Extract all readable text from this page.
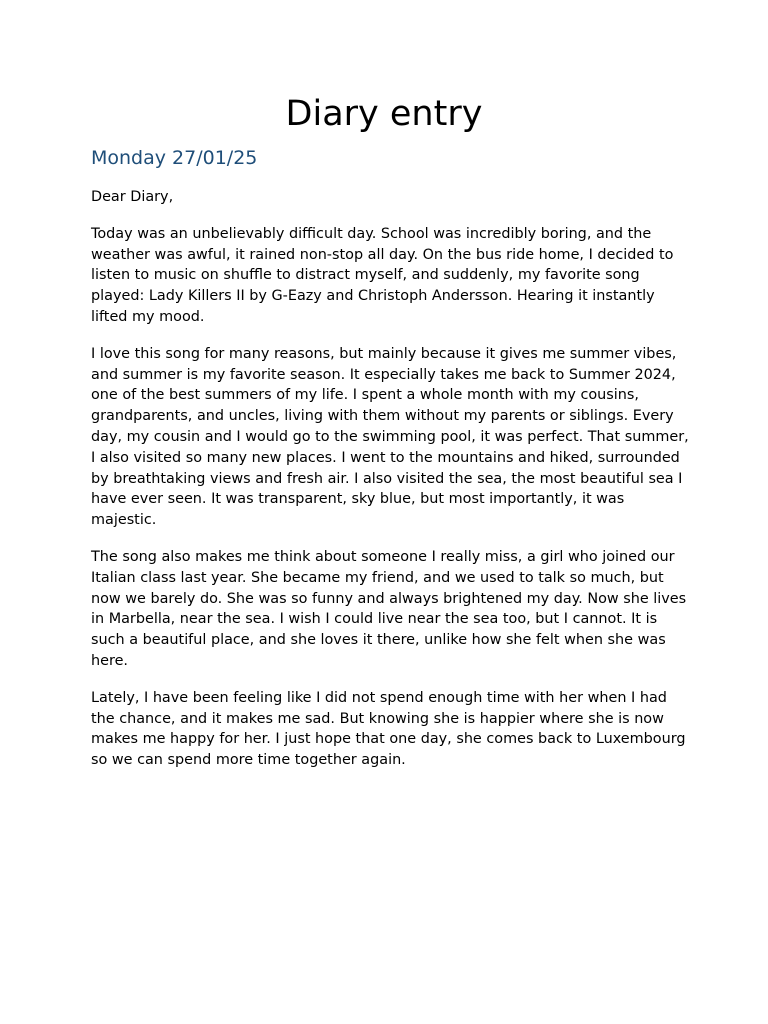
Diary entry
Monday 27/01/25

Dear Diary,

Today was an unbelievably difficult day. School was incredibly boring, and the weather was awful, it rained non-stop all day. On the bus ride home, I decided to listen to music on shuffle to distract myself, and suddenly, my favorite song played: Lady Killers II by G-Eazy and Christoph Andersson. Hearing it instantly lifted my mood.

I love this song for many reasons, but mainly because it gives me summer vibes, and summer is my favorite season. It especially takes me back to Summer 2024, one of the best summers of my life. I spent a whole month with my cousins, grandparents, and uncles, living with them without my parents or siblings. Every day, my cousin and I would go to the swimming pool, it was perfect. That summer, I also visited so many new places. I went to the mountains and hiked, surrounded by breathtaking views and fresh air. I also visited the sea, the most beautiful sea I have ever seen. It was transparent, sky blue, but most importantly, it was majestic.

The song also makes me think about someone I really miss, a girl who joined our Italian class last year. She became my friend, and we used to talk so much, but now we barely do. She was so funny and always brightened my day. Now she lives in Marbella, near the sea. I wish I could live near the sea too, but I cannot. It is such a beautiful place, and she loves it there, unlike how she felt when she was here.

Lately, I have been feeling like I did not spend enough time with her when I had the chance, and it makes me sad. But knowing she is happier where she is now makes me happy for her. I just hope that one day, she comes back to Luxembourg so we can spend more time together again.
